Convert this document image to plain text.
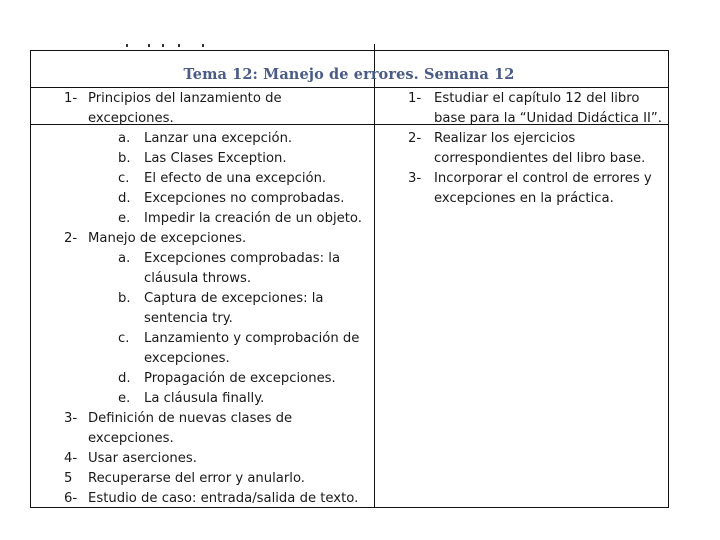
Tema 12: Manejo de errores. Semana 12
1- Principios del lanzamiento de excepciones.
a. Lanzar una excepción.
b. Las Clases Exception.
c. El efecto de una excepción.
d. Excepciones no comprobadas.
e. Impedir la creación de un objeto.
2- Manejo de excepciones.
a. Excepciones comprobadas: la cláusula throws.
b. Captura de excepciones: la sentencia try.
c. Lanzamiento y comprobación de excepciones.
d. Propagación de excepciones.
e. La cláusula finally.
3- Definición de nuevas clases de excepciones.
4- Usar aserciones.
5 Recuperarse del error y anularlo.
6- Estudio de caso: entrada/salida de texto.
1- Estudiar el capítulo 12 del libro base para la “Unidad Didáctica II”.
2- Realizar los ejercicios correspondientes del libro base.
3- Incorporar el control de errores y excepciones en la práctica.
